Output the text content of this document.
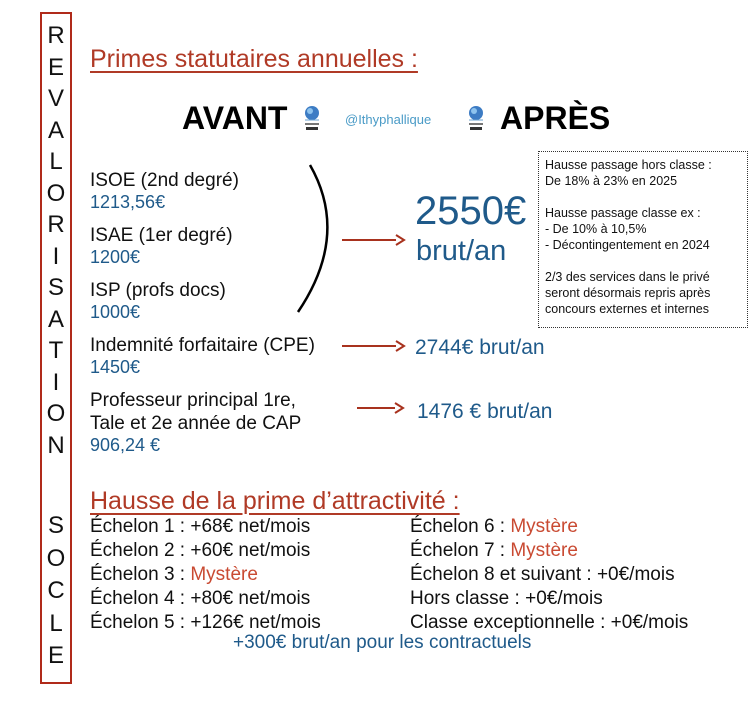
R
E
V
A
L
O
R
I
S
A
T
I
O
N
S
O
C
L
E
Primes statutaires annuelles :
AVANT	@Ithyphallique APRÈS
ISOE (2nd degré)
1213,56€
ISAE (1er degré)
1200€
ISP (profs docs)
1000€
Indemnité forfaitaire (CPE)
1450€
Professeur principal 1re,
Tale et 2e année de CAP
906,24 €
2550€
brut/an
2744€ brut/an
1476 € brut/an

Hausse passage hors classe :

De 18% à 23% en 2025

Hausse passage classe ex :

- De 10% à 10,5%

- Décontingentement en 2024

2/3 des services dans le privé

seront désormais repris après

concours externes et internes

Hausse de la prime d’attractivité :
Échelon 1 : +68€ net/mois
Échelon 2 : +60€ net/mois
Échelon 3 : Mystère
Échelon 4 : +80€ net/mois
Échelon 5 : +126€ net/mois
Échelon 6 : Mystère
Échelon 7 : Mystère
Échelon 8 et suivant : +0€/mois
Hors classe : +0€/mois
Classe exceptionnelle : +0€/mois
+300€ brut/an pour les contractuels
